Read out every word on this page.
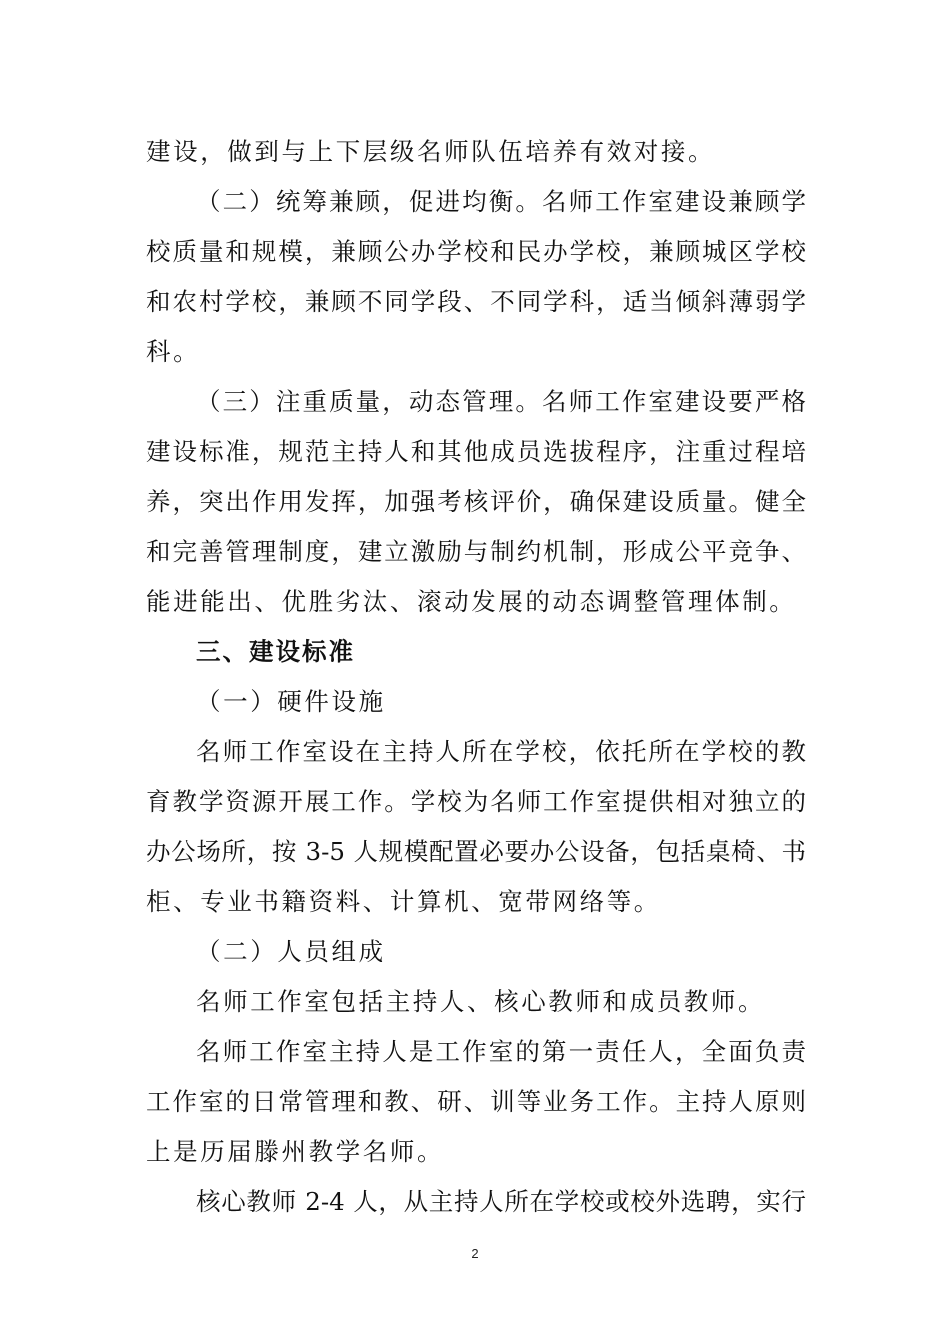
建设，做到与上下层级名师队伍培养有效对接。
（二）统筹兼顾，促进均衡。名师工作室建设兼顾学
校质量和规模，兼顾公办学校和民办学校，兼顾城区学校
和农村学校，兼顾不同学段、不同学科，适当倾斜薄弱学
科。
（三）注重质量，动态管理。名师工作室建设要严格
建设标准，规范主持人和其他成员选拔程序，注重过程培
养，突出作用发挥，加强考核评价，确保建设质量。健全
和完善管理制度，建立激励与制约机制，形成公平竞争、
能进能出、优胜劣汰、滚动发展的动态调整管理体制。
三、建设标准
（一）硬件设施
名师工作室设在主持人所在学校，依托所在学校的教
育教学资源开展工作。学校为名师工作室提供相对独立的
办公场所，按 3-5 人规模配置必要办公设备，包括桌椅、书
柜、专业书籍资料、计算机、宽带网络等。
（二）人员组成
名师工作室包括主持人、核心教师和成员教师。
名师工作室主持人是工作室的第一责任人，全面负责
工作室的日常管理和教、研、训等业务工作。主持人原则
上是历届滕州教学名师。
核心教师 2-4 人，从主持人所在学校或校外选聘，实行
2
